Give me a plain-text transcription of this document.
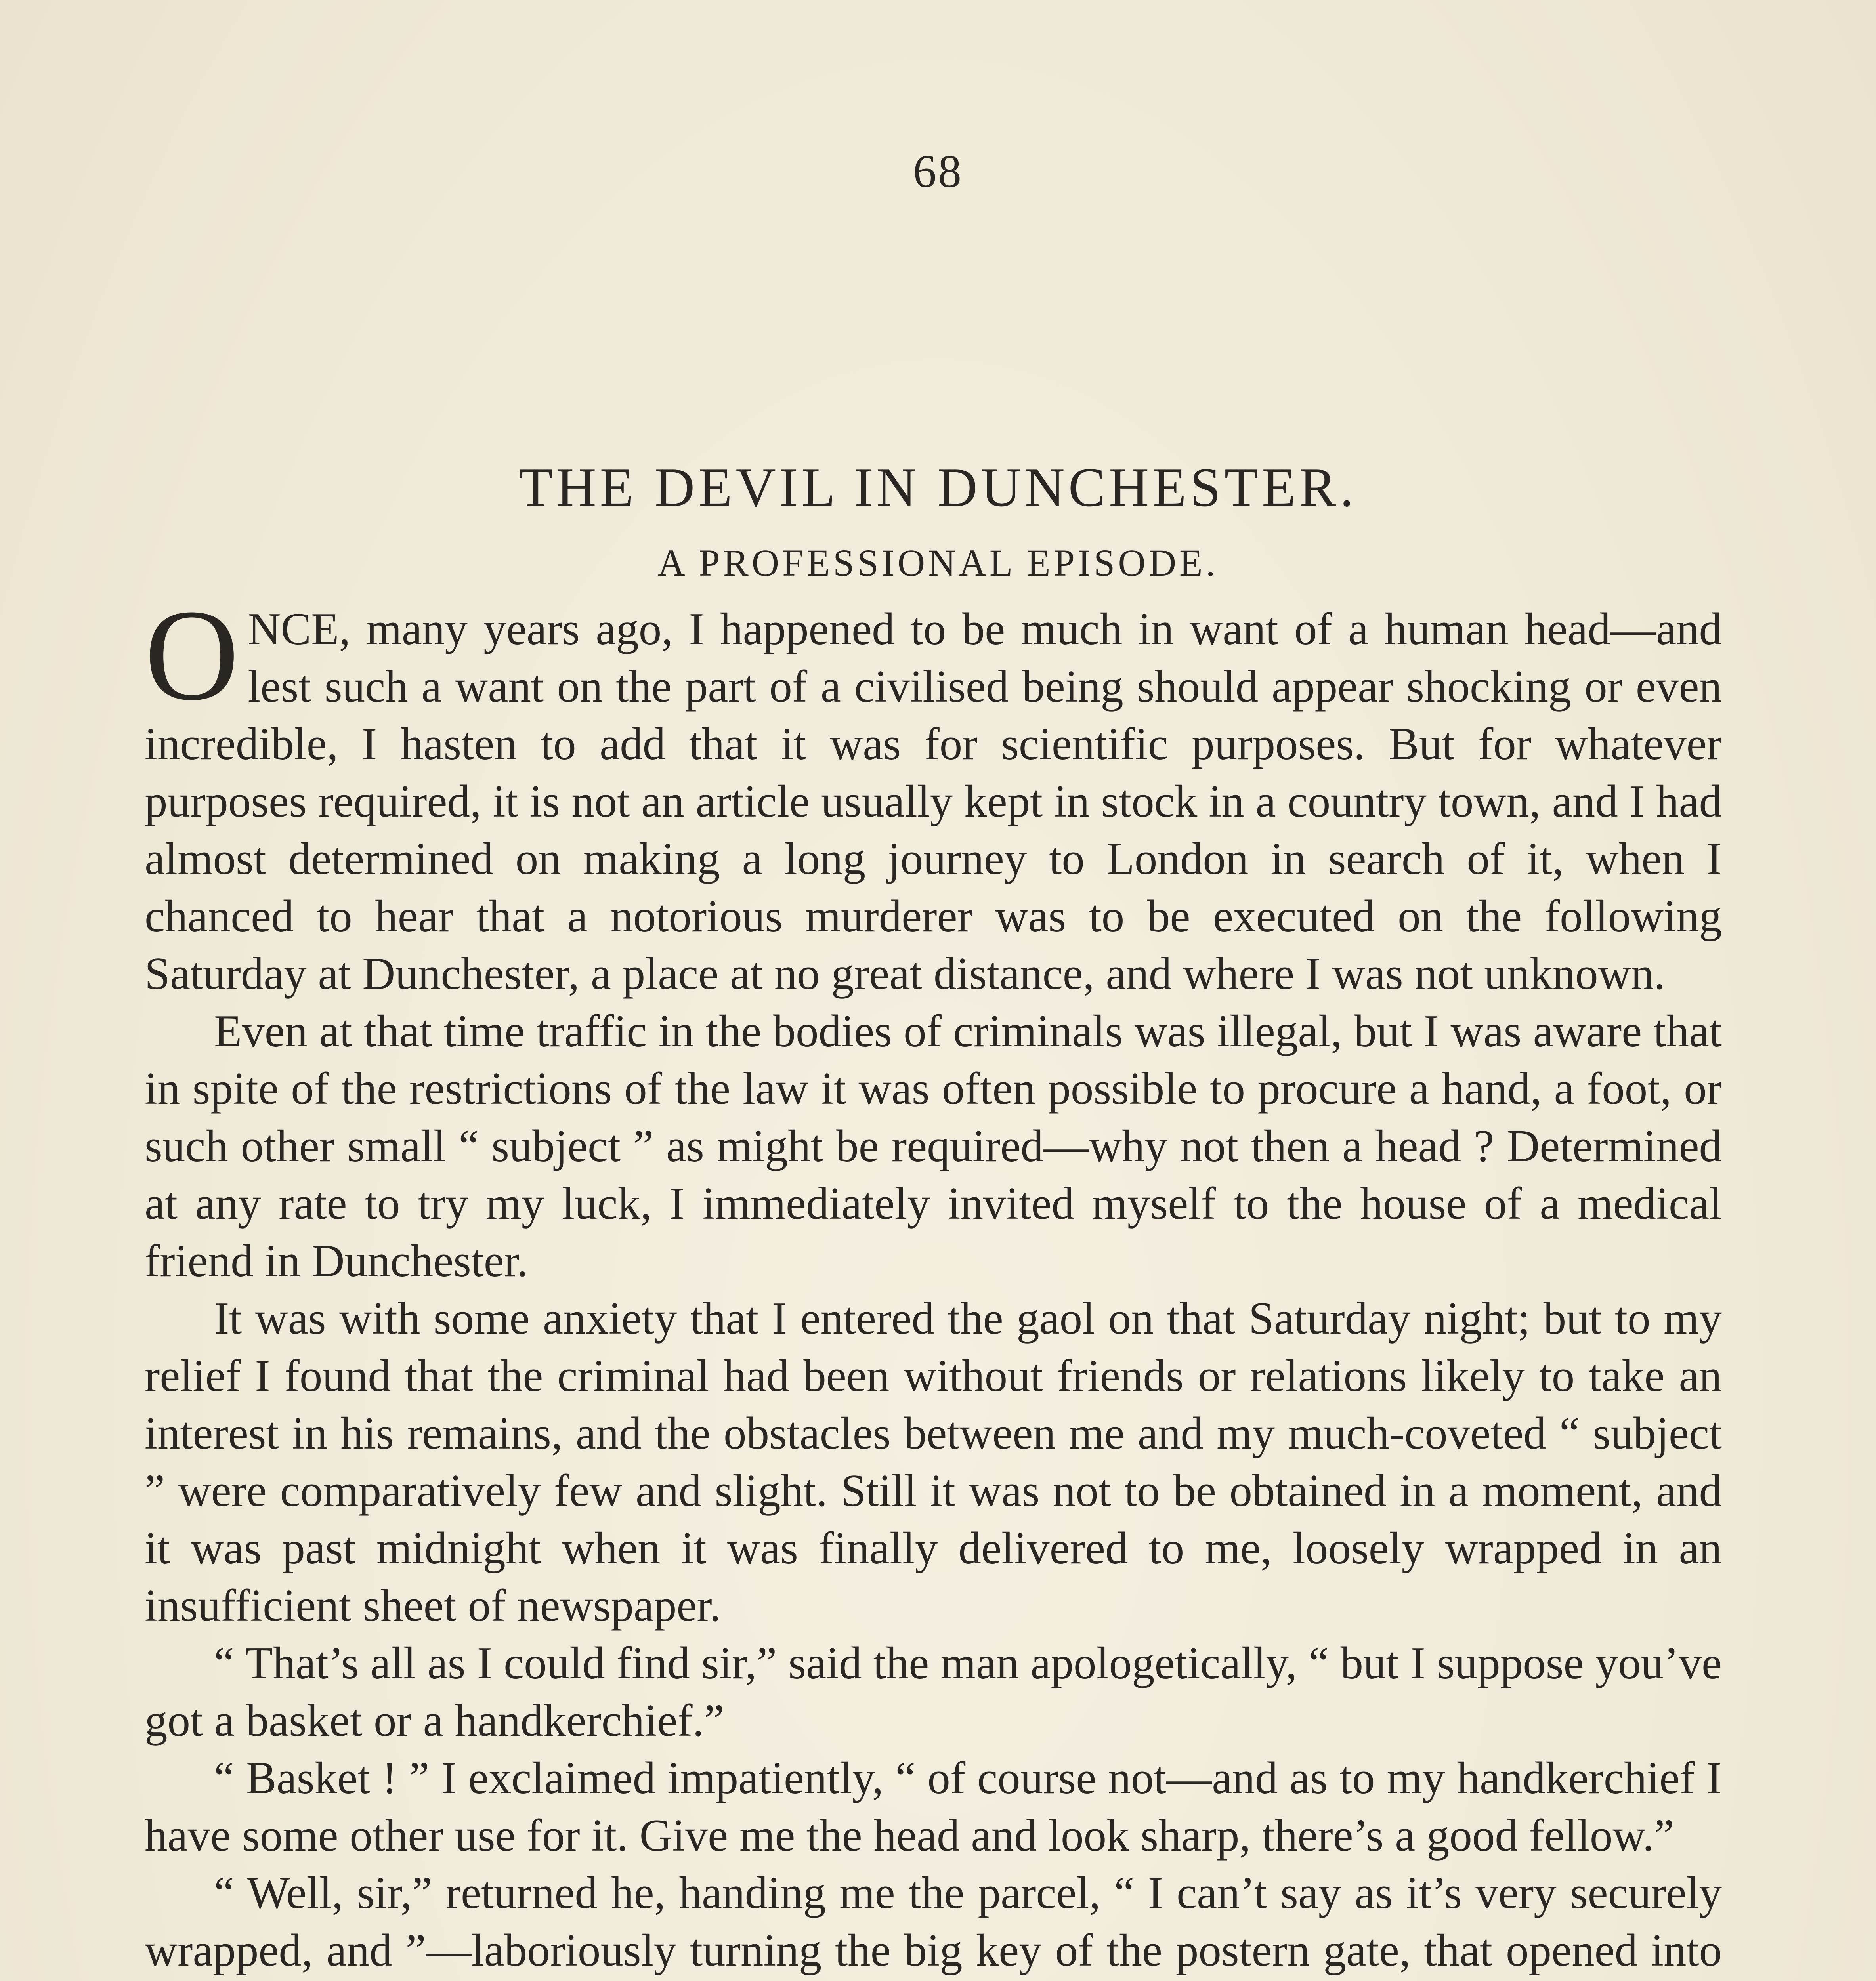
68
THE DEVIL IN DUNCHESTER.
A PROFESSIONAL EPISODE.

ONCE, many years ago, I happened to be much in want of a human head—and lest such a want on the part of a civilised being should appear shocking or even incredible, I hasten to add that it was for scientific purposes. But for whatever purposes required, it is not an article usually kept in stock in a country town, and I had almost determined on making a long journey to London in search of it, when I chanced to hear that a notorious murderer was to be executed on the following Saturday at Dunchester, a place at no great distance, and where I was not unknown.

Even at that time traffic in the bodies of criminals was illegal, but I was aware that in spite of the restrictions of the law it was often possible to procure a hand, a foot, or such other small “ subject ” as might be required—why not then a head ? Determined at any rate to try my luck, I immediately invited myself to the house of a medical friend in Dunchester.

It was with some anxiety that I entered the gaol on that Saturday night; but to my relief I found that the criminal had been without friends or relations likely to take an interest in his remains, and the obstacles between me and my much-coveted “ subject ” were comparatively few and slight. Still it was not to be obtained in a moment, and it was past midnight when it was finally delivered to me, loosely wrapped in an insufficient sheet of newspaper.

“ That’s all as I could find sir,” said the man apologetically, “ but I suppose you’ve got a basket or a handkerchief.”

“ Basket ! ” I exclaimed impatiently, “ of course not—and as to my handkerchief I have some other use for it. Give me the head and look sharp, there’s a good fellow.”

“ Well, sir,” returned he, handing me the parcel, “ I can’t say as it’s very securely wrapped, and ”—laboriously turning the big key of the postern gate, that opened into
